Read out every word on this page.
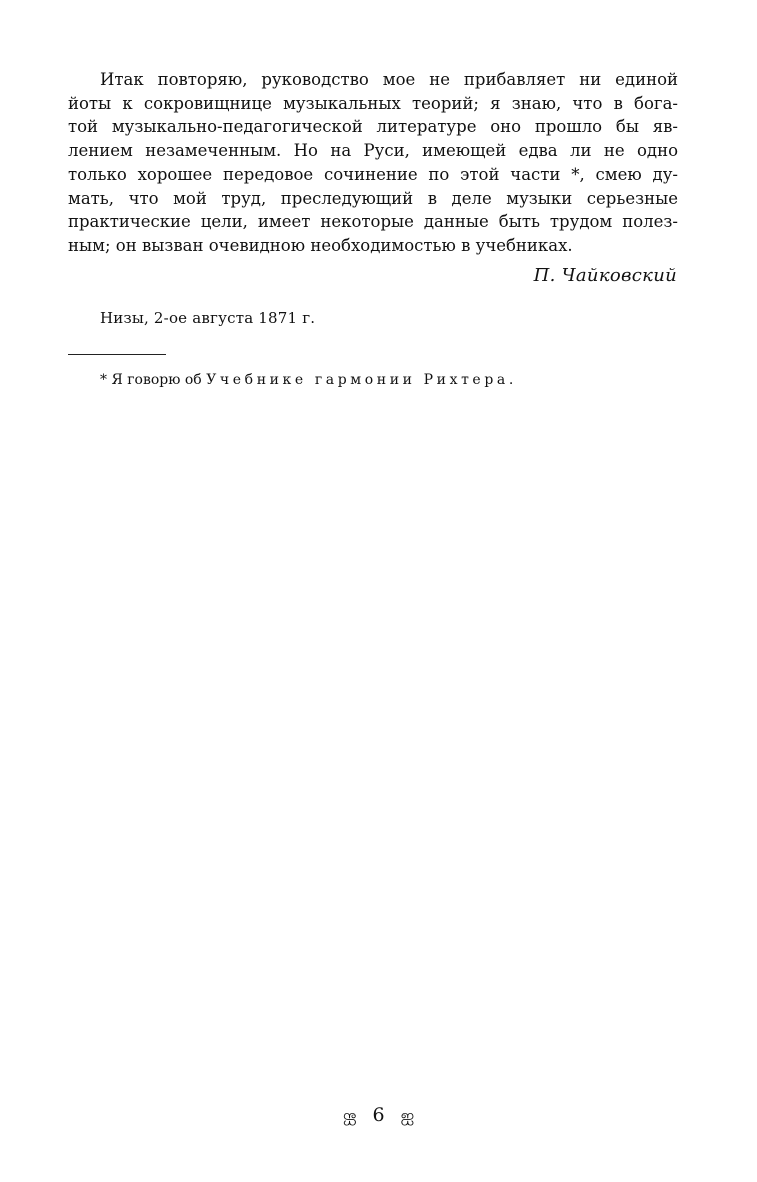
Итак повторяю, руководство мое не прибавляет ни единой
йоты к сокровищнице музыкальных теорий; я знаю, что в бога-
той музыкально-педагогической литературе оно прошло бы яв-
лением незамеченным. Но на Руси, имеющей едва ли не одно
только хорошее передовое сочинение по этой части *, смею ду-
мать, что мой труд, преследующий в деле музыки серьезные
практические цели, имеет некоторые данные быть трудом полез-
ным; он вызван очевидною необходимостью в учебниках.
П. Чайковский
Низы, 2-ое августа 1871 г.
* Я говорю об Учебнике гармонии Рихтера.
ஐ 6 ஐ
